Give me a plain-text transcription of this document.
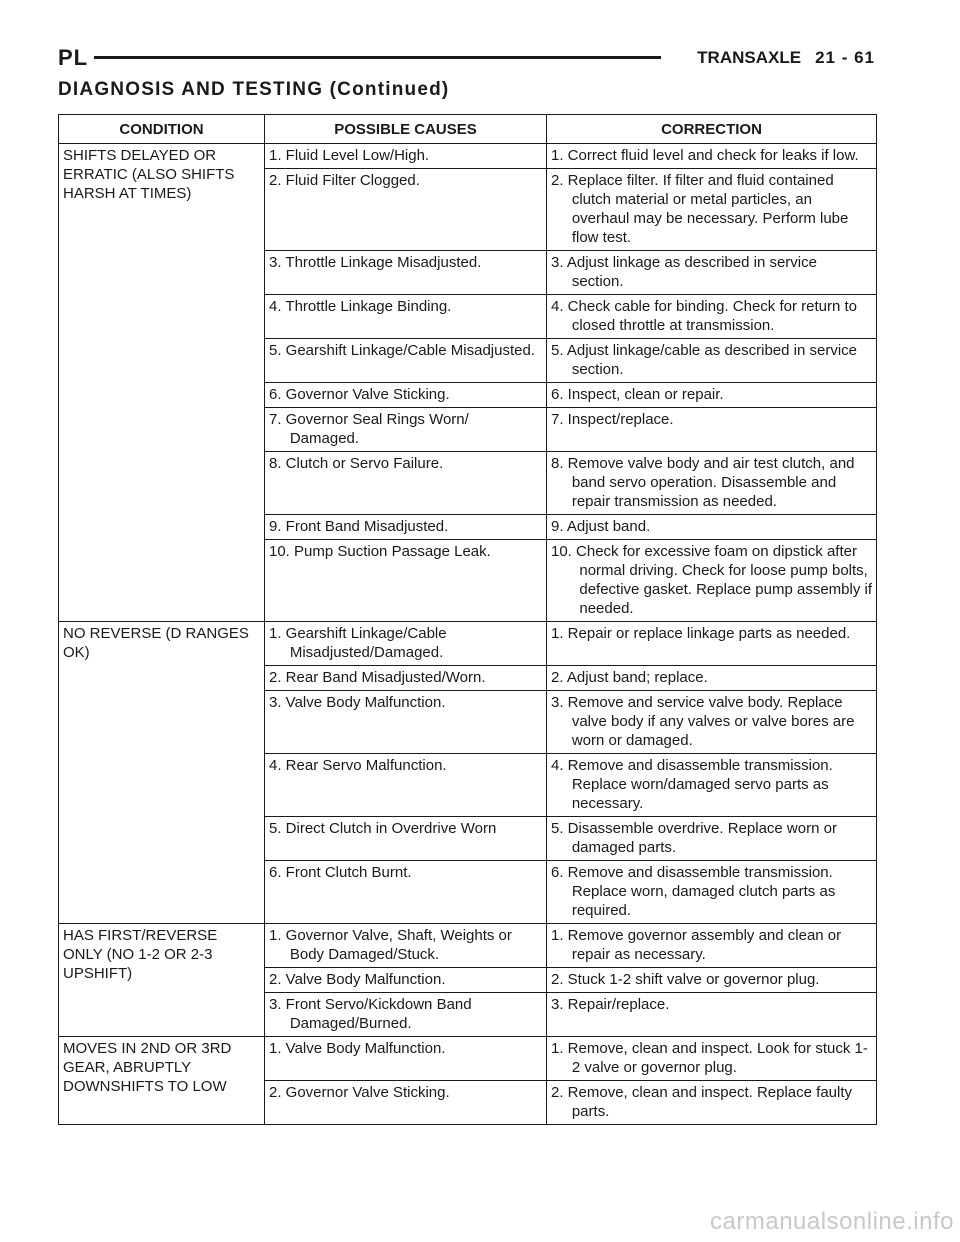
PL	TRANSAXLE 21 - 61
DIAGNOSIS AND TESTING (Continued)
CONDITION	POSSIBLE CAUSES	CORRECTION
SHIFTS DELAYED OR ERRATIC (ALSO SHIFTS HARSH AT TIMES)	1. Fluid Level Low/High.	1. Correct fluid level and check for leaks if low.

	2. Fluid Filter Clogged.	2. Replace filter. If filter and fluid contained clutch material or metal particles, an overhaul may be necessary. Perform lube flow test.

	3. Throttle Linkage Misadjusted.	3. Adjust linkage as described in service section.

	4. Throttle Linkage Binding.	4. Check cable for binding. Check for return to closed throttle at transmission.

	5. Gearshift Linkage/Cable Misadjusted.	5. Adjust linkage/cable as described in service section.

	6. Governor Valve Sticking.	6. Inspect, clean or repair.

	7. Governor Seal Rings Worn/ Damaged.	7. Inspect/replace.

	8. Clutch or Servo Failure.	8. Remove valve body and air test clutch, and band servo operation. Disassemble and repair transmission as needed.

	9. Front Band Misadjusted.	9. Adjust band.

	10. Pump Suction Passage Leak.	10. Check for excessive foam on dipstick after normal driving. Check for loose pump bolts, defective gasket. Replace pump assembly if needed.

NO REVERSE (D RANGES OK)	1. Gearshift Linkage/Cable Misadjusted/Damaged.	1. Repair or replace linkage parts as needed.

	2. Rear Band Misadjusted/Worn.	2. Adjust band; replace.

	3. Valve Body Malfunction.	3. Remove and service valve body. Replace valve body if any valves or valve bores are worn or damaged.

	4. Rear Servo Malfunction.	4. Remove and disassemble transmission. Replace worn/damaged servo parts as necessary.

	5. Direct Clutch in Overdrive Worn	5. Disassemble overdrive. Replace worn or damaged parts.

	6. Front Clutch Burnt.	6. Remove and disassemble transmission. Replace worn, damaged clutch parts as required.

HAS FIRST/REVERSE ONLY (NO 1-2 OR 2-3 UPSHIFT)	1. Governor Valve, Shaft, Weights or Body Damaged/Stuck.	1. Remove governor assembly and clean or repair as necessary.

	2. Valve Body Malfunction.	2. Stuck 1-2 shift valve or governor plug.

	3. Front Servo/Kickdown Band Damaged/Burned.	3. Repair/replace.

MOVES IN 2ND OR 3RD GEAR, ABRUPTLY DOWNSHIFTS TO LOW	1. Valve Body Malfunction.	1. Remove, clean and inspect. Look for stuck 1-2 valve or governor plug.

	2. Governor Valve Sticking.	2. Remove, clean and inspect. Replace faulty parts.
carmanualsonline.info
